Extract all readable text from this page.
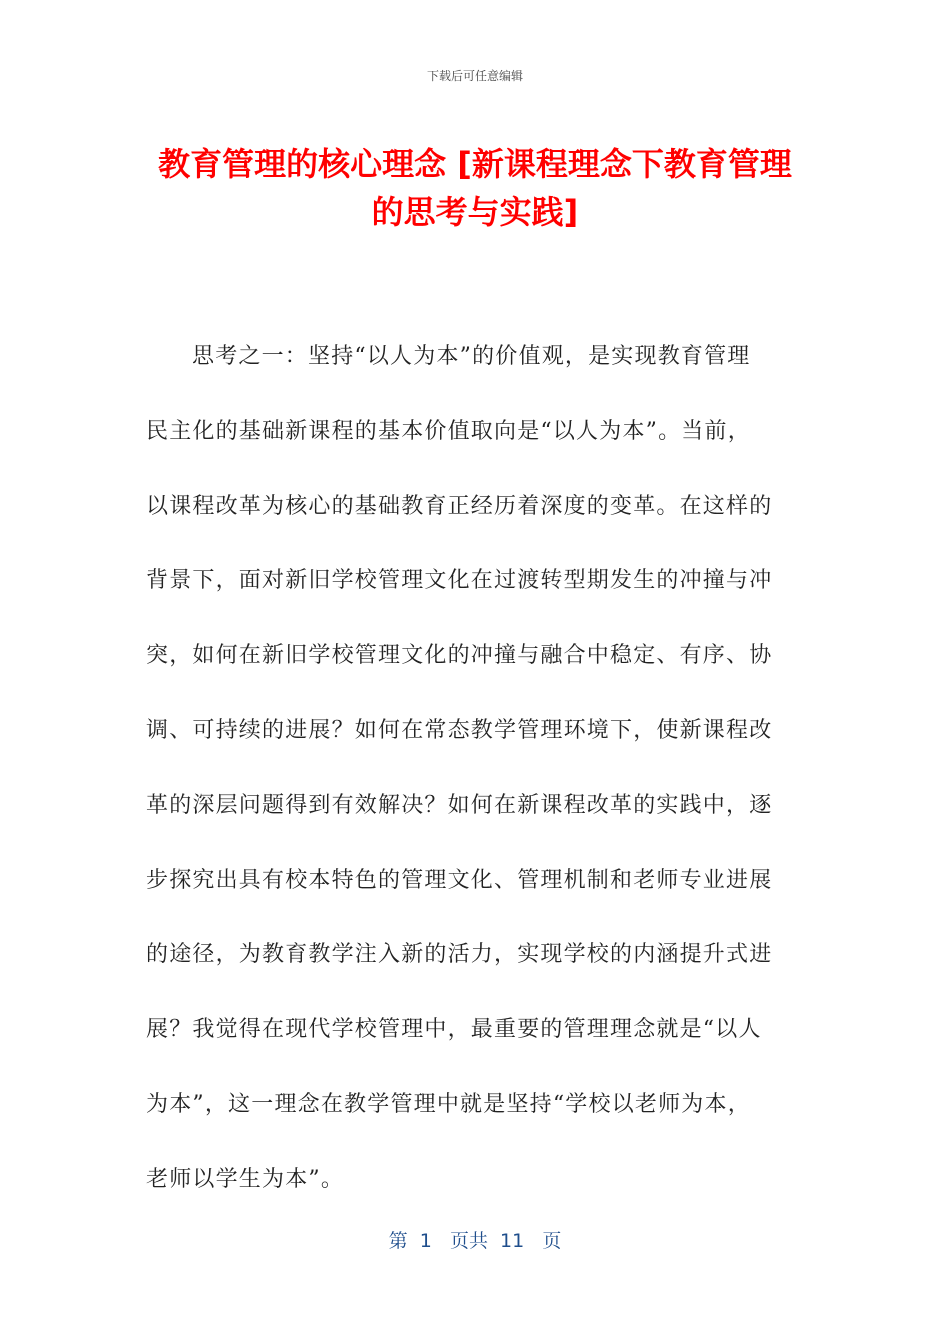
下载后可任意编辑
教育管理的核心理念 [新课程理念下教育管理
的思考与实践]
思考之一：坚持“以人为本”的价值观，是实现教育管理
民主化的基础新课程的基本价值取向是“以人为本”。当前，
以课程改革为核心的基础教育正经历着深度的变革。在这样的
背景下，面对新旧学校管理文化在过渡转型期发生的冲撞与冲
突，如何在新旧学校管理文化的冲撞与融合中稳定、有序、协
调、可持续的进展？如何在常态教学管理环境下，使新课程改
革的深层问题得到有效解决？如何在新课程改革的实践中，逐
步探究出具有校本特色的管理文化、管理机制和老师专业进展
的途径，为教育教学注入新的活力，实现学校的内涵提升式进
展？我觉得在现代学校管理中，最重要的管理理念就是“以人
为本”，这一理念在教学管理中就是坚持“学校以老师为本，
老师以学生为本”。
第  1   页共  11   页
